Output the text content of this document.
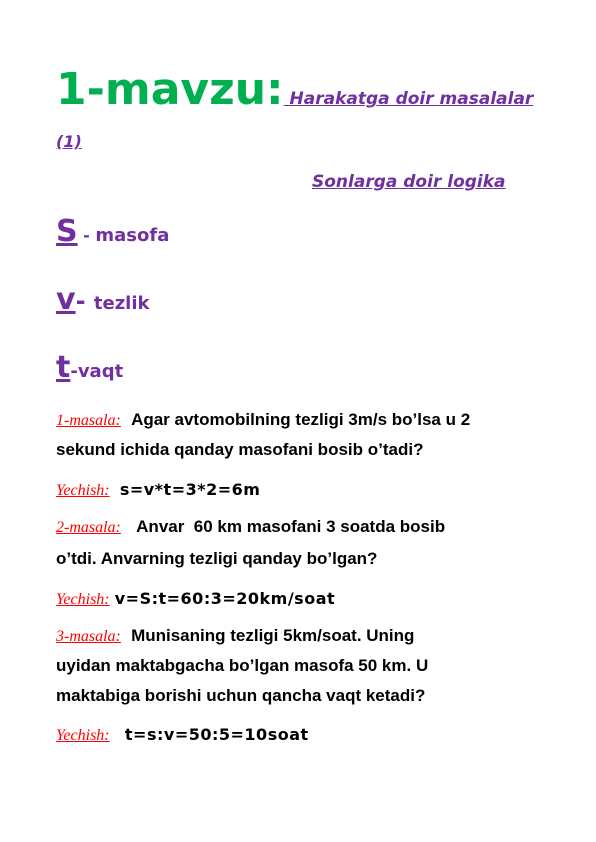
1-mavzu: Harakatga doir masalalar
(1)
Sonlarga doir logika
S - masofa
v- tezlik
t-vaqt
1-masala: Agar avtomobilning tezligi 3m/s bo’lsa u 2
sekund ichida qanday masofani bosib o’tadi?
Yechish: s=v*t=3*2=6m
2-masala: Anvar  60 km masofani 3 soatda bosib
o’tdi. Anvarning tezligi qanday bo’lgan?
Yechish: v=S:t=60:3=20km/soat
3-masala: Munisaning tezligi 5km/soat. Uning
uyidan maktabgacha bo’lgan masofa 50 km. U
maktabiga borishi uchun qancha vaqt ketadi?
Yechish: t=s:v=50:5=10soat
